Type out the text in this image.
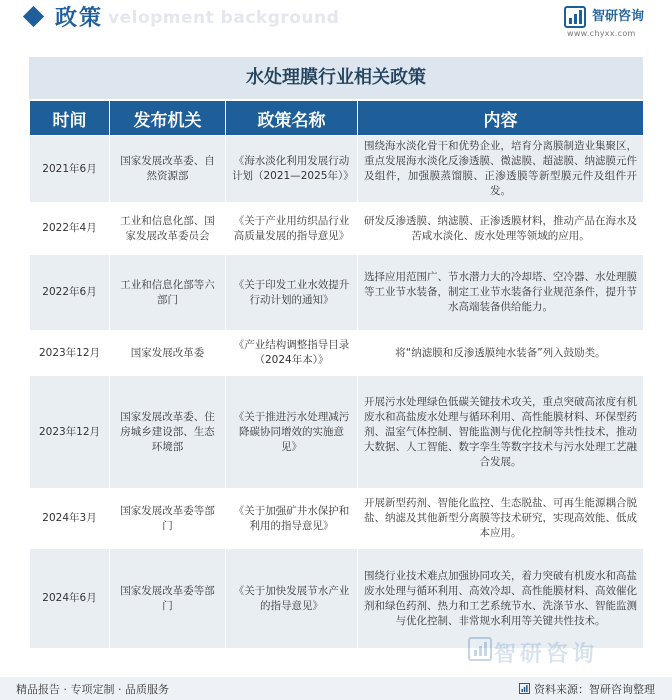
velopment background
政策	智研咨询
www.chyxx.com
水处理膜行业相关政策
时间	发布机关	政策名称	内容
2021年6月	国家发展改革委、自然资源部	《海水淡化利用发展行动计划（2021—2025年）》	围绕海水淡化骨干和优势企业，培育分离膜制造业集聚区，重点发展海水淡化反渗透膜、微滤膜、超滤膜、纳滤膜元件及组件，加强膜蒸馏膜、正渗透膜等新型膜元件及组件开发。
2022年4月	工业和信息化部、国家发展改革委员会	《关于产业用纺织品行业高质量发展的指导意见》	研发反渗透膜、纳滤膜、正渗透膜材料，推动产品在海水及苦咸水淡化、废水处理等领域的应用。
2022年6月	工业和信息化部等六部门	《关于印发工业水效提升行动计划的通知》	选择应用范围广、节水潜力大的冷却塔、空冷器、水处理膜等工业节水装备，制定工业节水装备行业规范条件，提升节水高端装备供给能力。
2023年12月	国家发展改革委	《产业结构调整指导目录（2024年本）》	将“纳滤膜和反渗透膜纯水装备”列入鼓励类。
2023年12月	国家发展改革委、住房城乡建设部、生态环境部	《关于推进污水处理减污降碳协同增效的实施意见》	开展污水处理绿色低碳关键技术攻关，重点突破高浓度有机废水和高盐废水处理与循环利用、高性能膜材料、环保型药剂、温室气体控制、智能监测与优化控制等共性技术，推动大数据、人工智能、数字孪生等数字技术与污水处理工艺融合发展。
2024年3月	国家发展改革委等部门	《关于加强矿井水保护和利用的指导意见》	开展新型药剂、智能化监控、生态脱盐、可再生能源耦合脱盐、纳滤及其他新型分离膜等技术研究，实现高效能、低成本应用。
2024年6月	国家发展改革委等部门	《关于加快发展节水产业的指导意见》	围绕行业技术难点加强协同攻关，着力突破有机废水和高盐废水处理与循环利用、高效冷却、高性能膜材料、高效催化剂和绿色药剂、热力和工艺系统节水、洗涤节水、智能监测与优化控制、非常规水利用等关键共性技术。
智研咨询
精品报告 · 专项定制 · 品质服务	资料来源：智研咨询整理
